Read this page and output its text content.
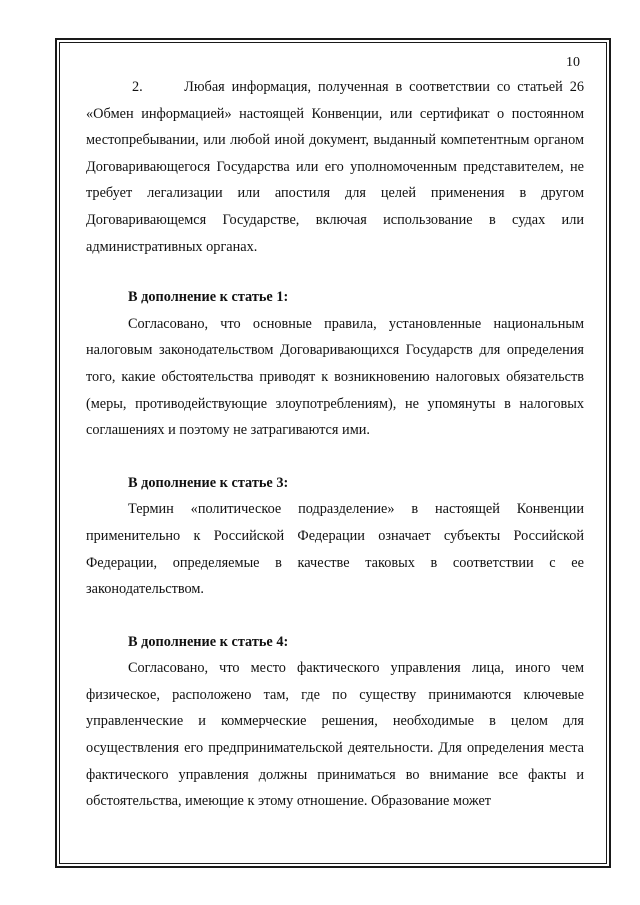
10

2.      Любая информация, полученная в соответствии со статьей 26 «Обмен информацией» настоящей Конвенции, или сертификат о постоянном местопребывании, или любой иной документ, выданный компетентным органом Договаривающегося Государства или его уполномоченным представителем, не требует легализации или апостиля для целей применения в другом Договаривающемся Государстве, включая использование в судах или административных органах.

В дополнение к статье 1:

Согласовано, что основные правила, установленные национальным налоговым законодательством Договаривающихся Государств для определения того, какие обстоятельства приводят к возникновению налоговых обязательств (меры, противодействующие злоупотреблениям), не упомянуты в налоговых соглашениях и поэтому не затрагиваются ими.

В дополнение к статье 3:

Термин «политическое подразделение» в настоящей Конвенции применительно к Российской Федерации означает субъекты Российской Федерации, определяемые в качестве таковых в соответствии с ее законодательством.

В дополнение к статье 4:

Согласовано, что место фактического управления лица, иного чем физическое, расположено там, где по существу принимаются ключевые управленческие и коммерческие решения, необходимые в целом для осуществления его предпринимательской деятельности. Для определения места фактического управления должны приниматься во внимание все факты и обстоятельства, имеющие к этому отношение. Образование может
